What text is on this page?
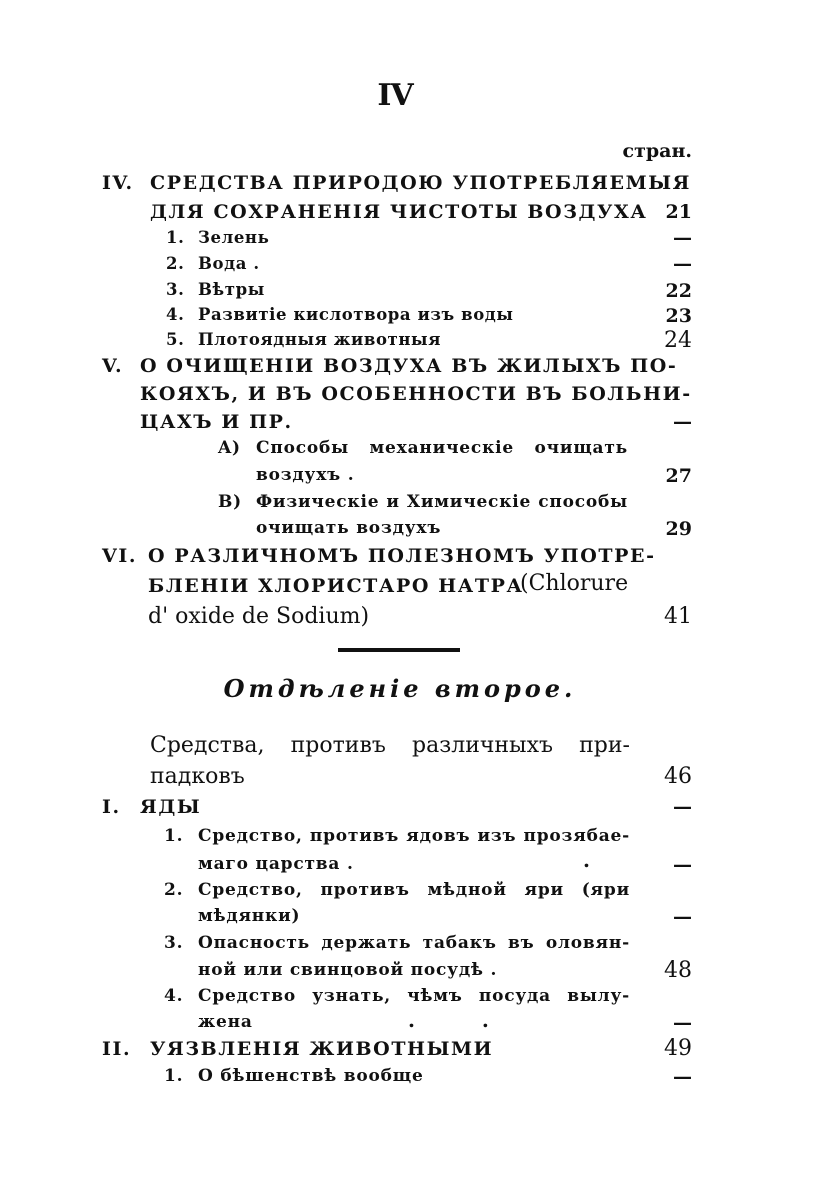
IV
стран.
IV. СРЕДСТВА ПРИРОДОЮ УПОТРЕБЛЯЕМЫЯ
ДЛЯ СОХРАНЕНІЯ ЧИСТОТЫ ВОЗДУХА 21
1. Зелень	—
2. Вода .	—
3. Вѣтры	22
4. Развитіе кислотвора изъ воды	23
5. Плотоядныя животныя	24
V. О ОЧИЩЕНІИ ВОЗДУХА ВЪ ЖИЛЫХЪ ПО-
КОЯХЪ, И ВЪ ОСОБЕННОСТИ ВЪ БОЛЬНИ-
ЦАХЪ И ПР.	—
A) Способы механическіе очищать
воздухъ .	27
B) Физическіе и Химическіе способы
очищать воздухъ	29
VI. О РАЗЛИЧНОМЪ ПОЛЕЗНОМЪ УПОТРЕ-
БЛЕНІИ ХЛОРИСТАРО НАТРА
(Chlorure
d' oxide de Sodium)	41
Отдѣленіе второе.
Средства, противъ различныхъ при-
падковъ	46
I. ЯДЫ	—
1. Средство, противъ ядовъ изъ прозябае-
маго царства .	.	—
2. Средство, противъ мѣдной яри (яри
мѣдянки)	—
3. Опасность держать табакъ въ оловян-
ной или свинцовой посудѣ .	48
4. Средство узнать, чѣмъ посуда вылу-
жена	. .	—
II. УЯЗВЛЕНІЯ ЖИВОТНЫМИ	49
1. О бѣшенствѣ вообще	—
